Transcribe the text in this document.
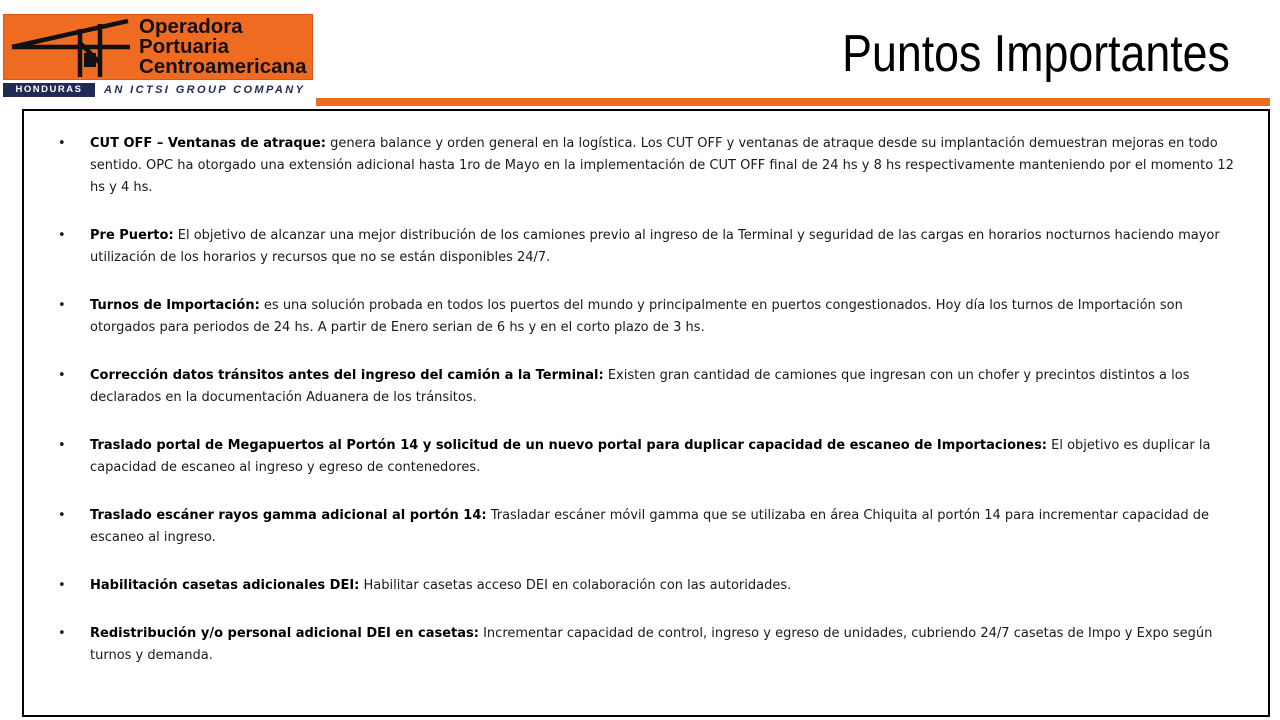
Operadora
Portuaria
Centroamericana
HONDURAS	AN ICTSI GROUP COMPANY
Puntos Importantes
• CUT OFF – Ventanas de atraque: genera balance y orden general en la logística. Los CUT OFF y ventanas de atraque desde su implantación demuestran mejoras en todo sentido. OPC ha otorgado una extensión adicional hasta 1ro de Mayo en la implementación de CUT OFF final de 24 hs y 8 hs respectivamente manteniendo por el momento 12 hs y 4 hs.
• Pre Puerto: El objetivo de alcanzar una mejor distribución de los camiones previo al ingreso de la Terminal y seguridad de las cargas en horarios nocturnos haciendo mayor utilización de los horarios y recursos que no se están disponibles 24/7.
• Turnos de Importación: es una solución probada en todos los puertos del mundo y principalmente en puertos congestionados. Hoy día los turnos de Importación son otorgados para periodos de 24 hs. A partir de Enero serian de 6 hs y en el corto plazo de 3 hs.
• Corrección datos tránsitos antes del ingreso del camión a la Terminal: Existen gran cantidad de camiones que ingresan con un chofer y precintos distintos a los declarados en la documentación Aduanera de los tránsitos.
• Traslado portal de Megapuertos al Portón 14 y solicitud de un nuevo portal para duplicar capacidad de escaneo de Importaciones: El objetivo es duplicar la capacidad de escaneo al ingreso y egreso de contenedores.
• Traslado escáner rayos gamma adicional al portón 14: Trasladar escáner móvil gamma que se utilizaba en área Chiquita al portón 14 para incrementar capacidad de escaneo al ingreso.
• Habilitación casetas adicionales DEI: Habilitar casetas acceso DEI en colaboración con las autoridades.
• Redistribución y/o personal adicional DEI en casetas: Incrementar capacidad de control, ingreso y egreso de unidades, cubriendo 24/7 casetas de Impo y Expo según turnos y demanda.
